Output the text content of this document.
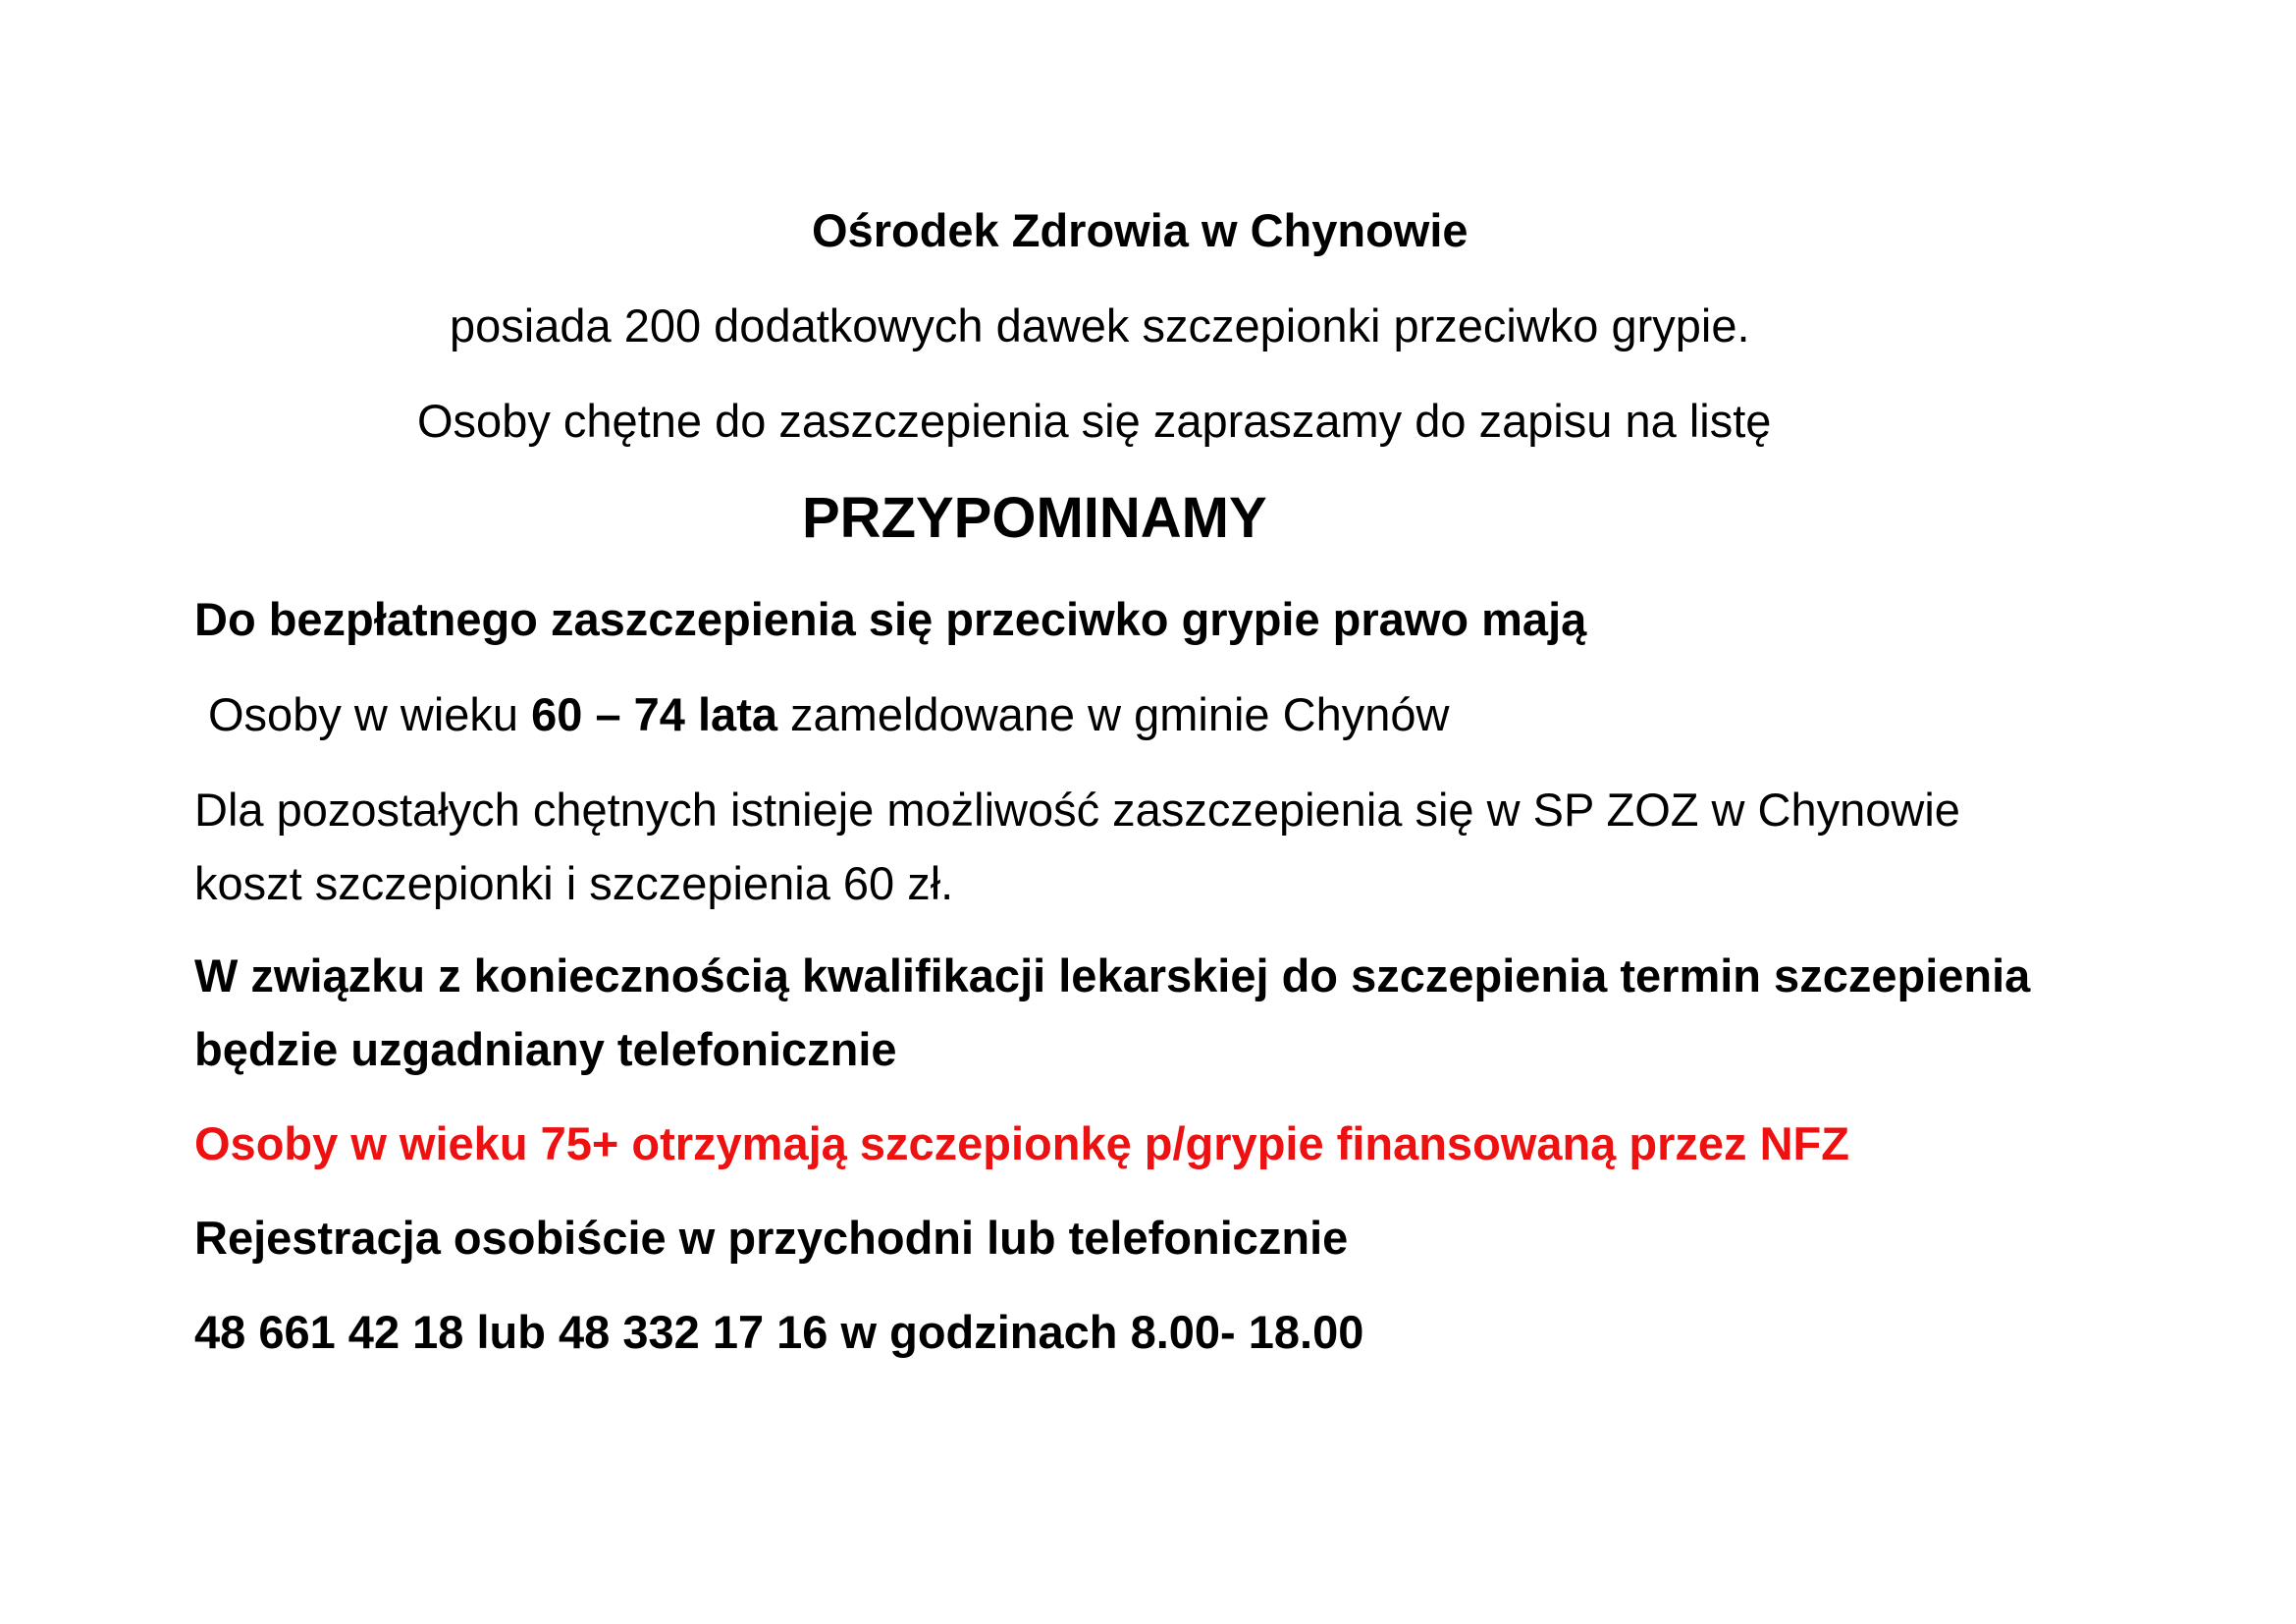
Ośrodek Zdrowia w Chynowie

posiada 200 dodatkowych dawek szczepionki przeciwko grypie.

Osoby chętne do zaszczepienia się zapraszamy do zapisu na listę

PRZYPOMINAMY

Do bezpłatnego zaszczepienia się przeciwko grypie prawo mają

Osoby w wieku 60 – 74 lata zameldowane w gminie Chynów

Dla pozostałych chętnych istnieje możliwość zaszczepienia się w SP ZOZ w Chynowie

koszt szczepionki i szczepienia 60 zł.

W związku z koniecznością kwalifikacji lekarskiej do szczepienia termin szczepienia

będzie uzgadniany telefonicznie

Osoby w wieku 75+ otrzymają szczepionkę p/grypie finansowaną przez NFZ

Rejestracja osobiście w przychodni lub telefonicznie

48 661 42 18 lub 48 332 17 16 w godzinach 8.00- 18.00
